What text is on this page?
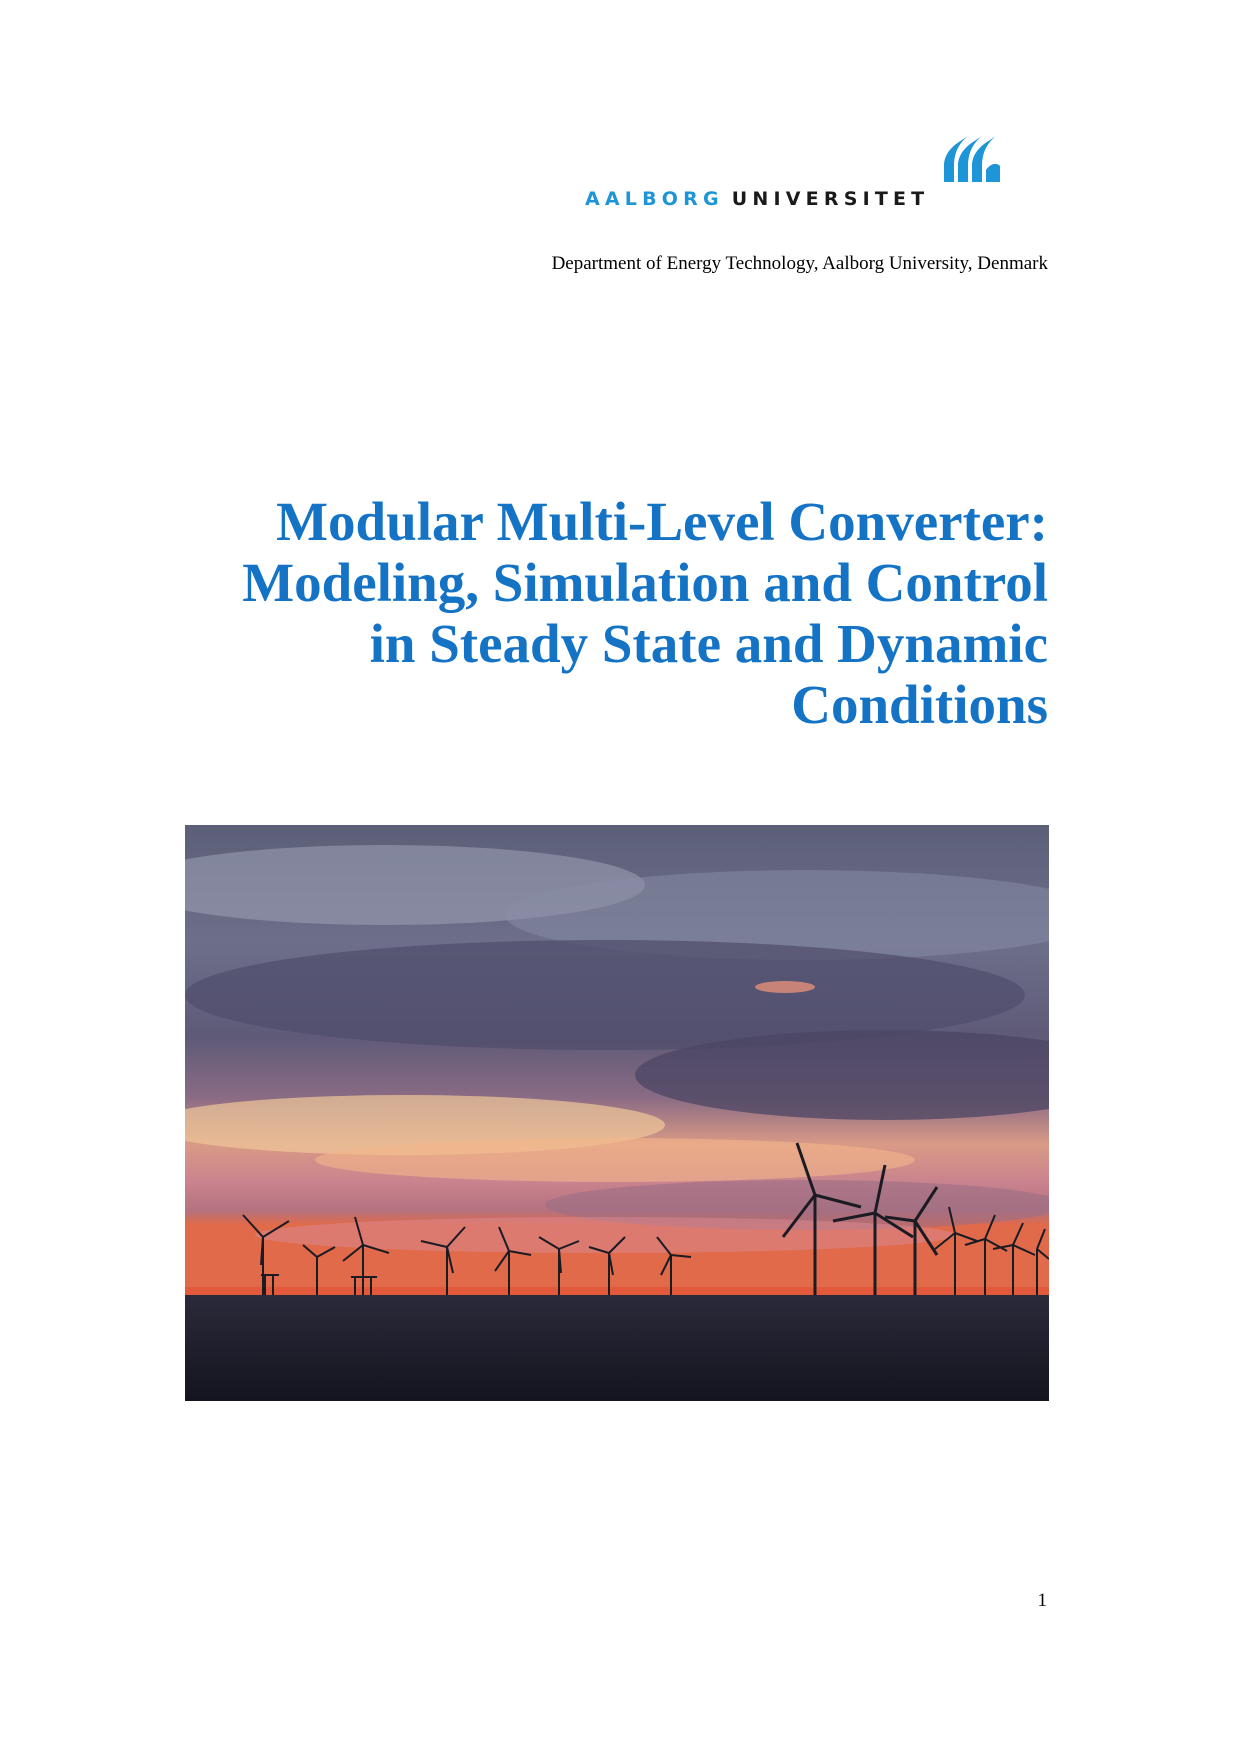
AALBORG UNIVERSITET
Department of Energy Technology, Aalborg University, Denmark
Modular Multi-Level Converter:
Modeling, Simulation and Control
in Steady State and Dynamic
Conditions
1
